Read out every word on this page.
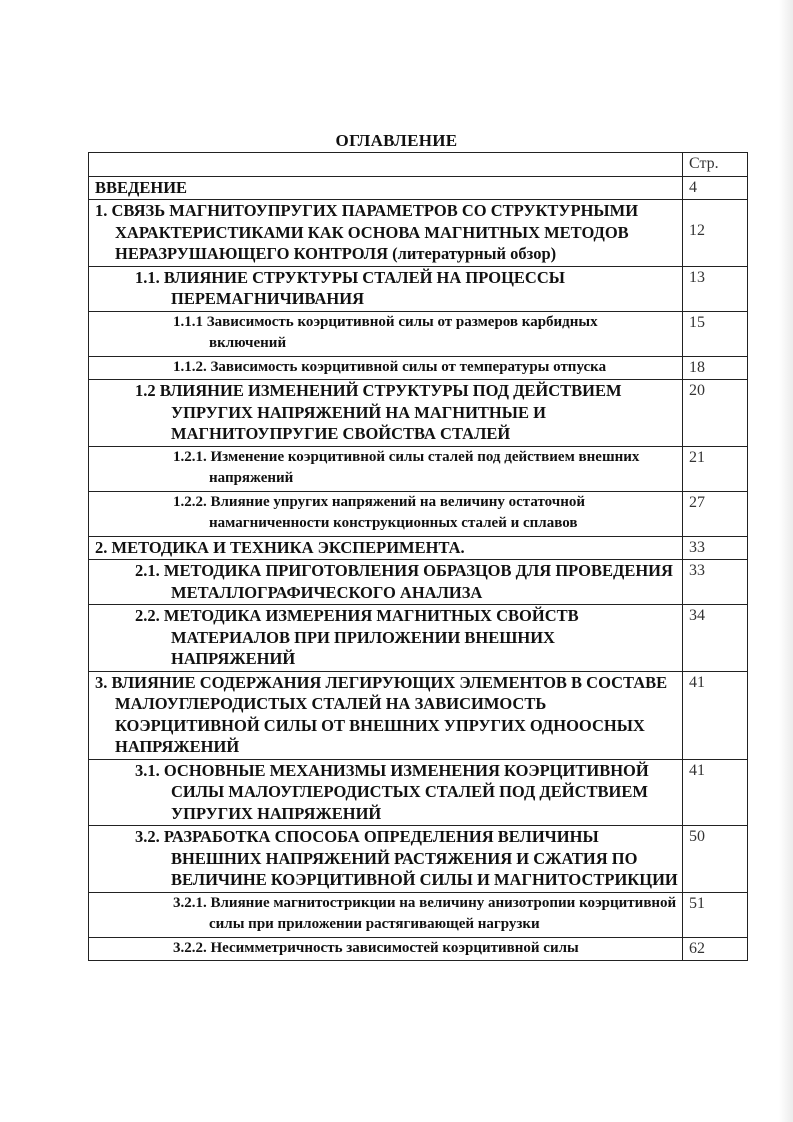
ОГЛАВЛЕНИЕ
	Стр.

ВВЕДЕНИЕ	4

1. СВЯЗЬ МАГНИТОУПРУГИХ ПАРАМЕТРОВ СО СТРУКТУРНЫМИ ХАРАКТЕРИСТИКАМИ КАК ОСНОВА МАГНИТНЫХ МЕТОДОВ НЕРАЗРУШАЮЩЕГО КОНТРОЛЯ (литературный обзор)	12

1.1. ВЛИЯНИЕ СТРУКТУРЫ СТАЛЕЙ НА ПРОЦЕССЫ ПЕРЕМАГНИЧИВАНИЯ	13

1.1.1 Зависимость коэрцитивной силы от размеров карбидных включений	15

1.1.2. Зависимость коэрцитивной силы от температуры отпуска	18

1.2 ВЛИЯНИЕ ИЗМЕНЕНИЙ СТРУКТУРЫ ПОД ДЕЙСТВИЕМ УПРУГИХ НАПРЯЖЕНИЙ НА МАГНИТНЫЕ И МАГНИТОУПРУГИЕ СВОЙСТВА СТАЛЕЙ	20

1.2.1. Изменение коэрцитивной силы сталей под действием внешних напряжений	21

1.2.2. Влияние упругих напряжений на величину остаточной намагниченности конструкционных сталей и сплавов	27

2. МЕТОДИКА И ТЕХНИКА ЭКСПЕРИМЕНТА.	33

2.1. МЕТОДИКА ПРИГОТОВЛЕНИЯ ОБРАЗЦОВ ДЛЯ ПРОВЕДЕНИЯ МЕТАЛЛОГРАФИЧЕСКОГО АНАЛИЗА	33

2.2. МЕТОДИКА ИЗМЕРЕНИЯ МАГНИТНЫХ СВОЙСТВ МАТЕРИАЛОВ ПРИ ПРИЛОЖЕНИИ ВНЕШНИХ НАПРЯЖЕНИЙ	34

3. ВЛИЯНИЕ СОДЕРЖАНИЯ ЛЕГИРУЮЩИХ ЭЛЕМЕНТОВ В СОСТАВЕ МАЛОУГЛЕРОДИСТЫХ СТАЛЕЙ НА ЗАВИСИМОСТЬ КОЭРЦИТИВНОЙ СИЛЫ ОТ ВНЕШНИХ УПРУГИХ ОДНООСНЫХ НАПРЯЖЕНИЙ	41

3.1. ОСНОВНЫЕ МЕХАНИЗМЫ ИЗМЕНЕНИЯ КОЭРЦИТИВНОЙ СИЛЫ МАЛОУГЛЕРОДИСТЫХ СТАЛЕЙ ПОД ДЕЙСТВИЕМ УПРУГИХ НАПРЯЖЕНИЙ	41

3.2. РАЗРАБОТКА СПОСОБА ОПРЕДЕЛЕНИЯ ВЕЛИЧИНЫ ВНЕШНИХ НАПРЯЖЕНИЙ РАСТЯЖЕНИЯ И СЖАТИЯ ПО ВЕЛИЧИНЕ КОЭРЦИТИВНОЙ СИЛЫ И МАГНИТОСТРИКЦИИ	50

3.2.1. Влияние магнитострикции на величину анизотропии коэрцитивной силы при приложении растягивающей нагрузки	51

3.2.2. Несимметричность зависимостей коэрцитивной силы	62
